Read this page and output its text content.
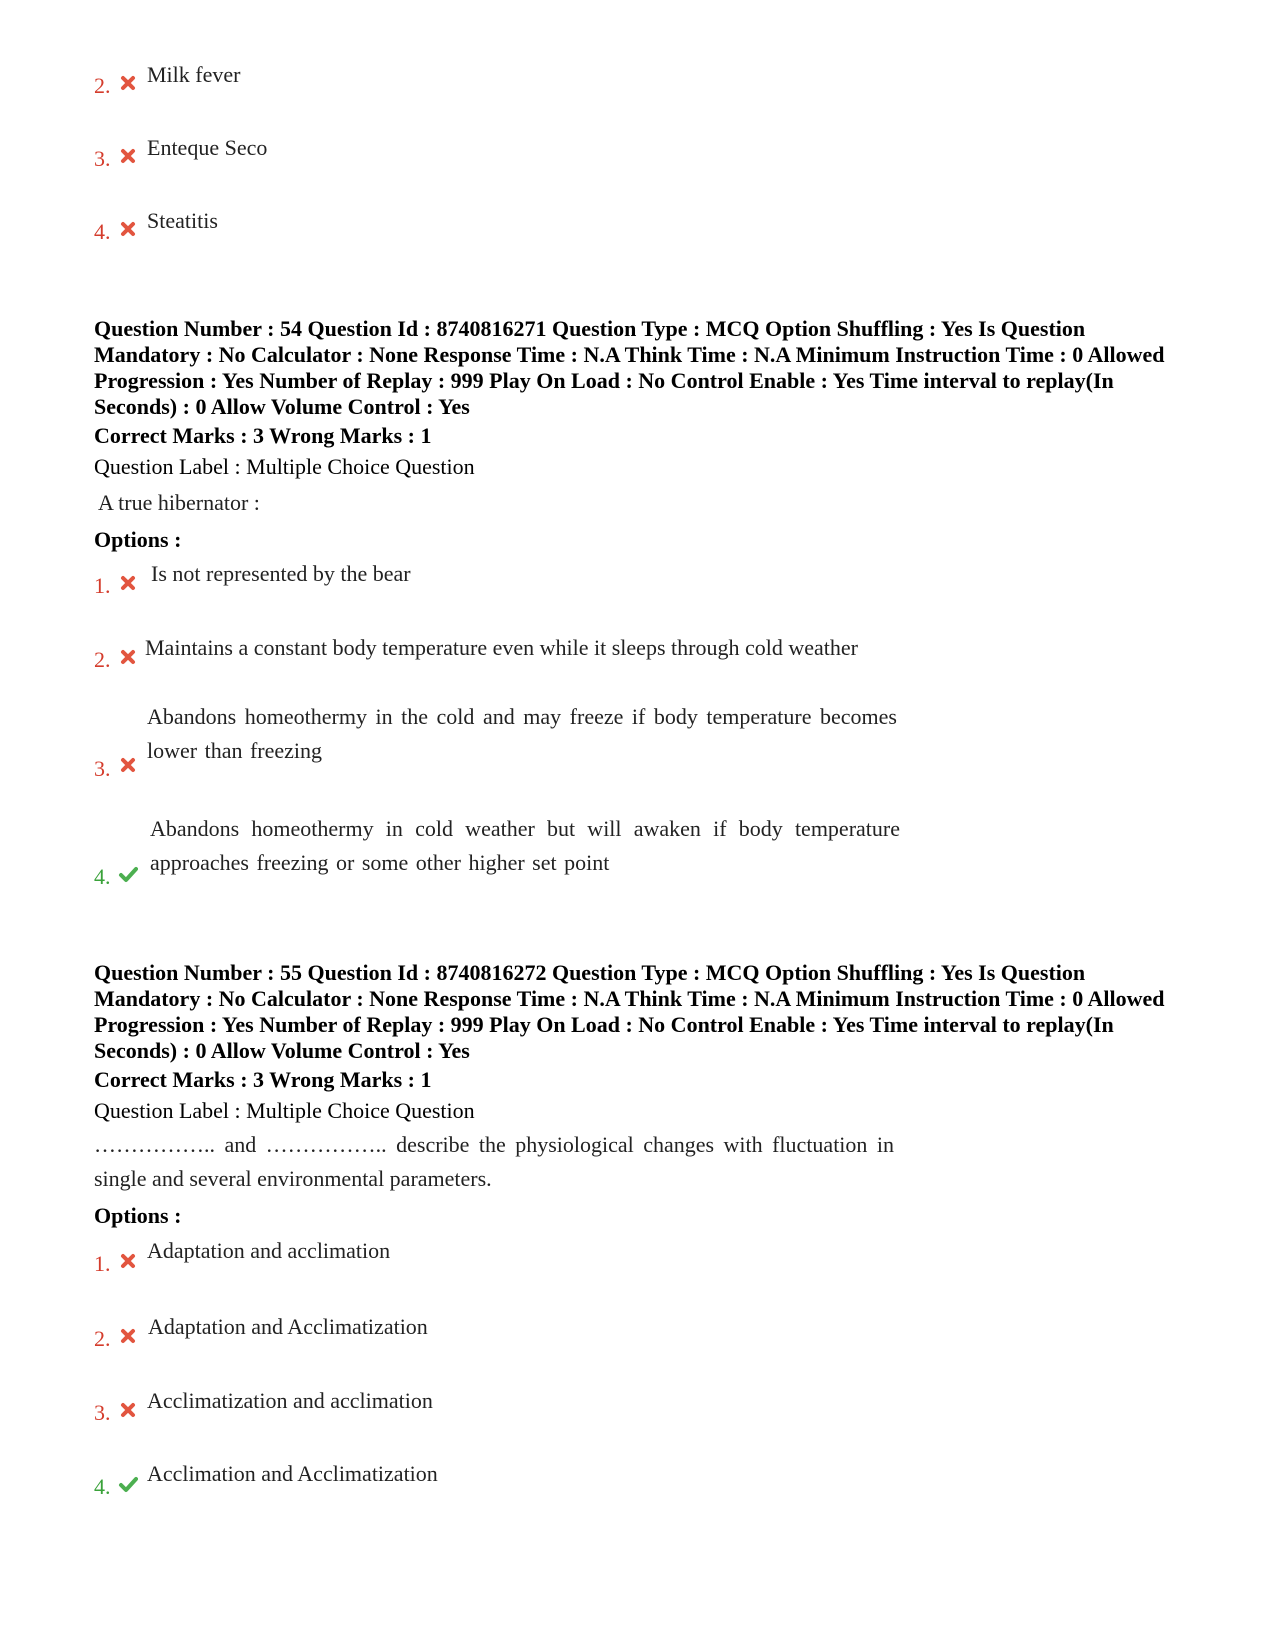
2. Milk fever
3. Enteque Seco
4. Steatitis
Question Number : 54 Question Id : 8740816271 Question Type : MCQ Option Shuffling : Yes Is Question Mandatory : No Calculator : None Response Time : N.A Think Time : N.A Minimum Instruction Time : 0 Allowed Progression : Yes Number of Replay : 999 Play On Load : No Control Enable : Yes Time interval to replay(In Seconds) : 0 Allow Volume Control : Yes
Correct Marks : 3 Wrong Marks : 1
Question Label : Multiple Choice Question
A true hibernator :
Options :
1. Is not represented by the bear
2. Maintains a constant body temperature even while it sleeps through cold weather
3.
Abandons homeothermy in the cold and may freeze if body temperature becomes lower than freezing
4.
Abandons homeothermy in cold weather but will awaken if body temperature approaches freezing or some other higher set point
Question Number : 55 Question Id : 8740816272 Question Type : MCQ Option Shuffling : Yes Is Question Mandatory : No Calculator : None Response Time : N.A Think Time : N.A Minimum Instruction Time : 0 Allowed Progression : Yes Number of Replay : 999 Play On Load : No Control Enable : Yes Time interval to replay(In Seconds) : 0 Allow Volume Control : Yes
Correct Marks : 3 Wrong Marks : 1
Question Label : Multiple Choice Question
…………….. and …………….. describe the physiological changes with fluctuation in single and several environmental parameters.
Options :
1.
Adaptation and acclimation
2. Adaptation and Acclimatization
3. Acclimatization and acclimation
4.
Acclimation and Acclimatization
